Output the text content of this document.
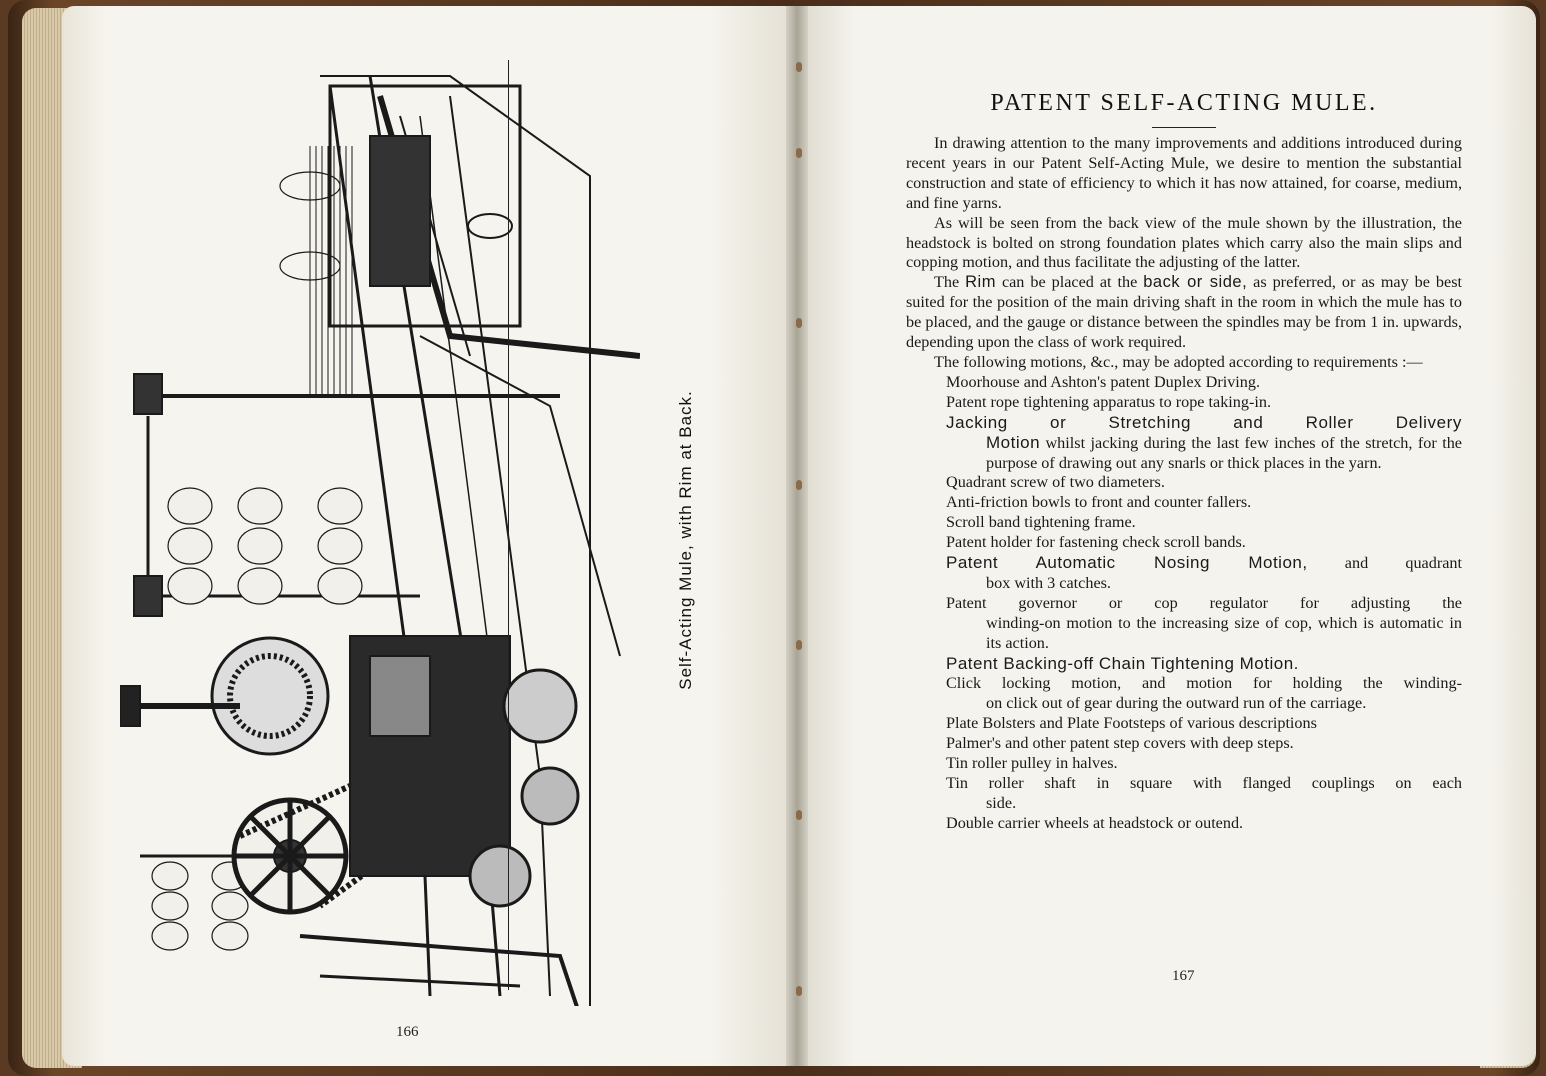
Self-Acting Mule, with Rim at Back.
166
PATENT SELF-ACTING MULE.

In drawing attention to the many improvements and additions introduced during recent years in our Patent Self-Acting Mule, we desire to mention the substantial construction and state of efficiency to which it has now attained, for coarse, medium, and fine yarns.

As will be seen from the back view of the mule shown by the illustration, the headstock is bolted on strong foundation plates which carry also the main slips and copping motion, and thus facilitate the adjusting of the latter.

The Rim can be placed at the back or side, as preferred, or as may be best suited for the position of the main driving shaft in the room in which the mule has to be placed, and the gauge or distance between the spindles may be from 1 in. upwards, depending upon the class of work required.

The following motions, &c., may be adopted according to requirements :—

Moorhouse and Ashton's patent Duplex Driving.
Patent rope tightening apparatus to rope taking-in.
Jacking or Stretching and Roller Delivery
Motion whilst jacking during the last few inches of the stretch, for the purpose of drawing out any snarls or thick places in the yarn.
Quadrant screw of two diameters.
Anti-friction bowls to front and counter fallers.
Scroll band tightening frame.
Patent holder for fastening check scroll bands.
Patent Automatic Nosing Motion, and quadrant
box with 3 catches.
Patent governor or cop regulator for adjusting the
winding-on motion to the increasing size of cop, which is automatic in its action.
Patent Backing-off Chain Tightening Motion.
Click locking motion, and motion for holding the winding-
on click out of gear during the outward run of the carriage.
Plate Bolsters and Plate Footsteps of various descriptions
Palmer's and other patent step covers with deep steps.
Tin roller pulley in halves.
Tin roller shaft in square with flanged couplings on each
side.
Double carrier wheels at headstock or outend.
167
